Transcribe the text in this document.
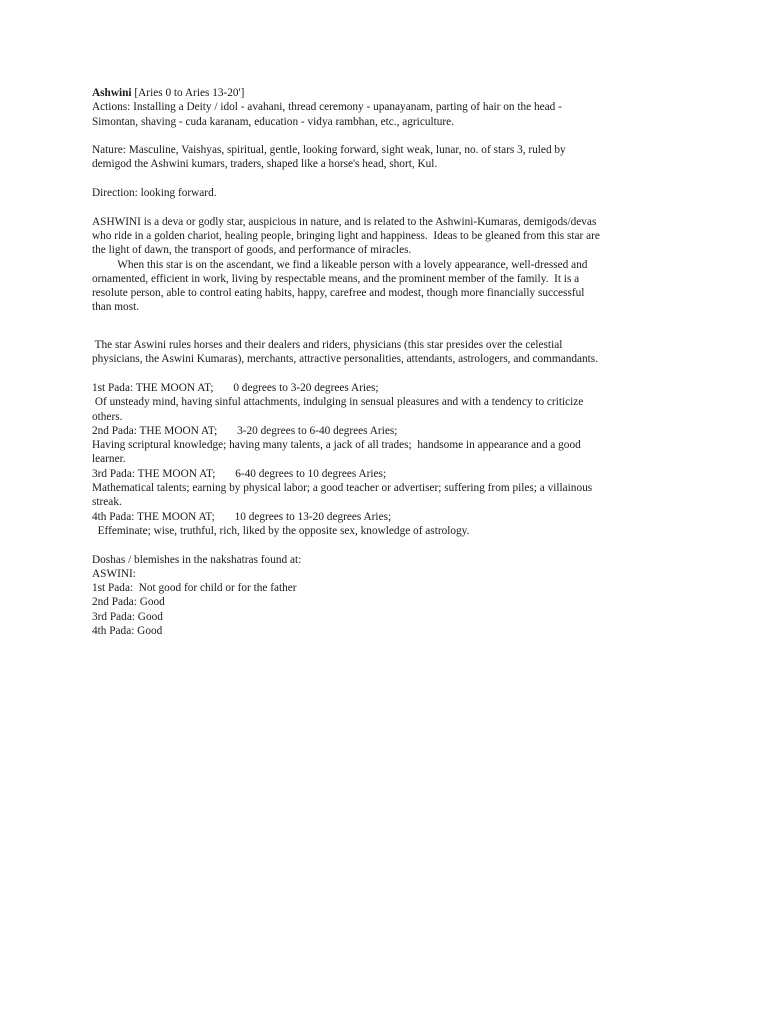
Ashwini [Aries 0 to Aries 13-20']
Actions: Installing a Deity / idol - avahani, thread ceremony - upanayanam, parting of hair on the head -
Simontan, shaving - cuda karanam, education - vidya rambhan, etc., agriculture.
Nature: Masculine, Vaishyas, spiritual, gentle, looking forward, sight weak, lunar, no. of stars 3, ruled by
demigod the Ashwini kumars, traders, shaped like a horse's head, short, Kul.
Direction: looking forward.
ASHWINI is a deva or godly star, auspicious in nature, and is related to the Ashwini-Kumaras, demigods/devas
who ride in a golden chariot, healing people, bringing light and happiness.  Ideas to be gleaned from this star are
the light of dawn, the transport of goods, and performance of miracles.
When this star is on the ascendant, we find a likeable person with a lovely appearance, well-dressed and
ornamented, efficient in work, living by respectable means, and the prominent member of the family.  It is a
resolute person, able to control eating habits, happy, carefree and modest, though more financially successful
than most.
The star Aswini rules horses and their dealers and riders, physicians (this star presides over the celestial
physicians, the Aswini Kumaras), merchants, attractive personalities, attendants, astrologers, and commandants.
1st Pada: THE MOON AT;       0 degrees to 3-20 degrees Aries;
Of unsteady mind, having sinful attachments, indulging in sensual pleasures and with a tendency to criticize
others.
2nd Pada: THE MOON AT;       3-20 degrees to 6-40 degrees Aries;
Having scriptural knowledge; having many talents, a jack of all trades;  handsome in appearance and a good
learner.
3rd Pada: THE MOON AT;       6-40 degrees to 10 degrees Aries;
Mathematical talents; earning by physical labor; a good teacher or advertiser; suffering from piles; a villainous
streak.
4th Pada: THE MOON AT;       10 degrees to 13-20 degrees Aries;
Effeminate; wise, truthful, rich, liked by the opposite sex, knowledge of astrology.
Doshas / blemishes in the nakshatras found at:
ASWINI:
1st Pada:  Not good for child or for the father
2nd Pada: Good
3rd Pada: Good
4th Pada: Good
